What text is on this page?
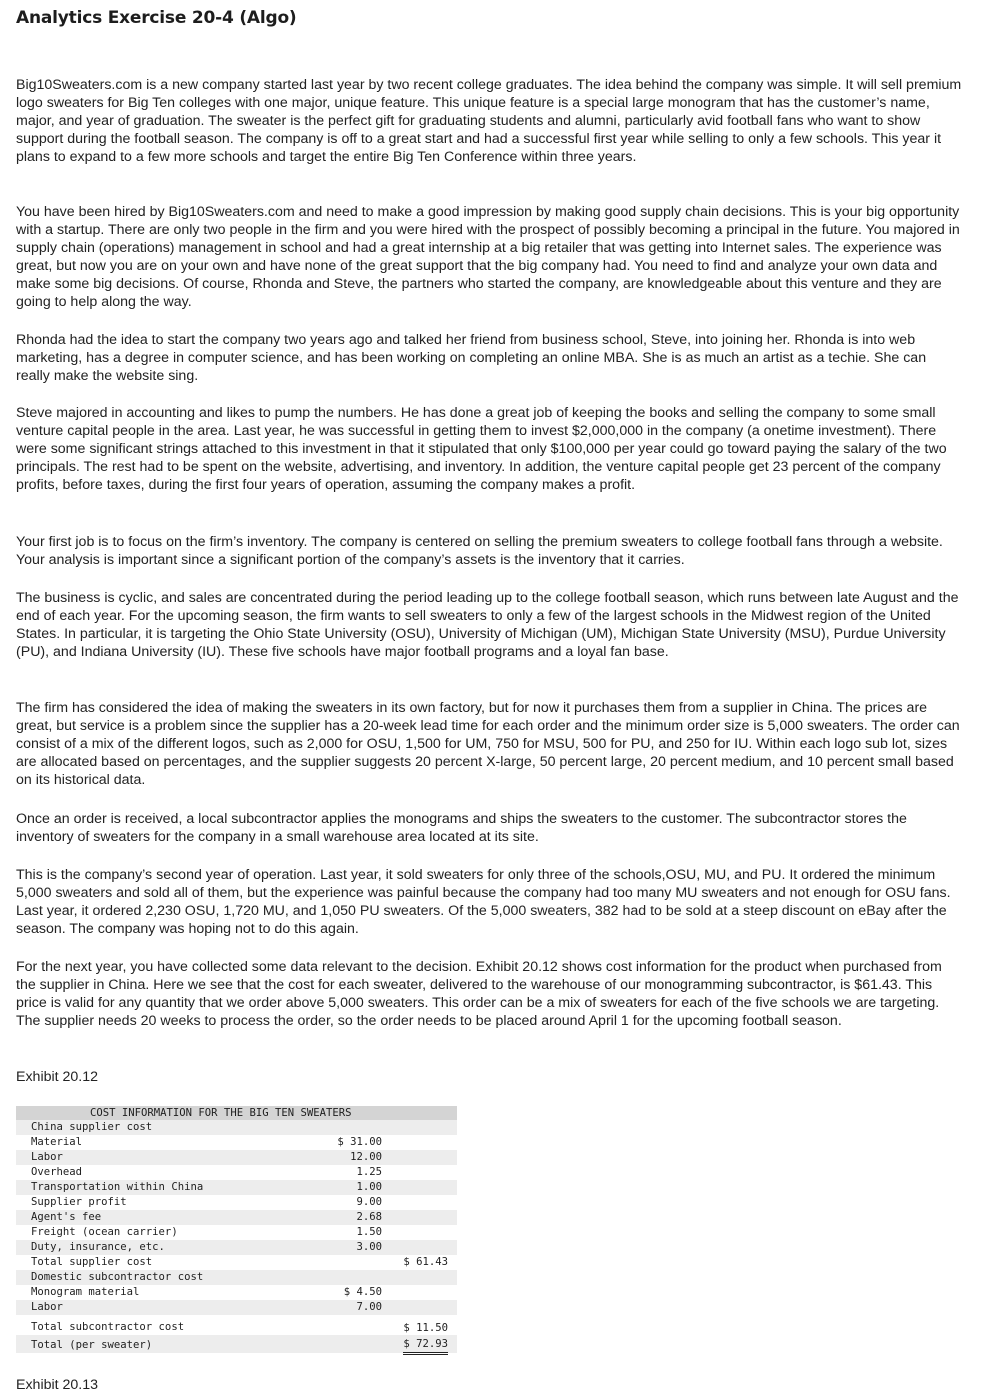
Analytics Exercise 20-4 (Algo)

Big10Sweaters.com is a new company started last year by two recent college graduates. The idea behind the company was simple. It will sell premium logo sweaters for Big Ten colleges with one major, unique feature. This unique feature is a special large monogram that has the customer’s name, major, and year of graduation. The sweater is the perfect gift for graduating students and alumni, particularly avid football fans who want to show support during the football season. The company is off to a great start and had a successful first year while selling to only a few schools. This year it plans to expand to a few more schools and target the entire Big Ten Conference within three years.

You have been hired by Big10Sweaters.com and need to make a good impression by making good supply chain decisions. This is your big opportunity with a startup. There are only two people in the firm and you were hired with the prospect of possibly becoming a principal in the future. You majored in supply chain (operations) management in school and had a great internship at a big retailer that was getting into Internet sales. The experience was great, but now you are on your own and have none of the great support that the big company had. You need to find and analyze your own data and make some big decisions. Of course, Rhonda and Steve, the partners who started the company, are knowledgeable about this venture and they are going to help along the way.

Rhonda had the idea to start the company two years ago and talked her friend from business school, Steve, into joining her. Rhonda is into web marketing, has a degree in computer science, and has been working on completing an online MBA. She is as much an artist as a techie. She can really make the website sing.

Steve majored in accounting and likes to pump the numbers. He has done a great job of keeping the books and selling the company to some small venture capital people in the area. Last year, he was successful in getting them to invest $2,000,000 in the company (a onetime investment). There were some significant strings attached to this investment in that it stipulated that only $100,000 per year could go toward paying the salary of the two principals. The rest had to be spent on the website, advertising, and inventory. In addition, the venture capital people get 23 percent of the company profits, before taxes, during the first four years of operation, assuming the company makes a profit.

Your first job is to focus on the firm’s inventory. The company is centered on selling the premium sweaters to college football fans through a website. Your analysis is important since a significant portion of the company’s assets is the inventory that it carries.

The business is cyclic, and sales are concentrated during the period leading up to the college football season, which runs between late August and the end of each year. For the upcoming season, the firm wants to sell sweaters to only a few of the largest schools in the Midwest region of the United States. In particular, it is targeting the Ohio State University (OSU), University of Michigan (UM), Michigan State University (MSU), Purdue University (PU), and Indiana University (IU). These five schools have major football programs and a loyal fan base.

The firm has considered the idea of making the sweaters in its own factory, but for now it purchases them from a supplier in China. The prices are great, but service is a problem since the supplier has a 20-week lead time for each order and the minimum order size is 5,000 sweaters. The order can consist of a mix of the different logos, such as 2,000 for OSU, 1,500 for UM, 750 for MSU, 500 for PU, and 250 for IU. Within each logo sub lot, sizes are allocated based on percentages, and the supplier suggests 20 percent X-large, 50 percent large, 20 percent medium, and 10 percent small based on its historical data.

Once an order is received, a local subcontractor applies the monograms and ships the sweaters to the customer. The subcontractor stores the inventory of sweaters for the company in a small warehouse area located at its site.

This is the company’s second year of operation. Last year, it sold sweaters for only three of the schools,OSU, MU, and PU. It ordered the minimum 5,000 sweaters and sold all of them, but the experience was painful because the company had too many MU sweaters and not enough for OSU fans. Last year, it ordered 2,230 OSU, 1,720 MU, and 1,050 PU sweaters. Of the 5,000 sweaters, 382 had to be sold at a steep discount on eBay after the season. The company was hoping not to do this again.

For the next year, you have collected some data relevant to the decision. Exhibit 20.12 shows cost information for the product when purchased from the supplier in China. Here we see that the cost for each sweater, delivered to the warehouse of our monogramming subcontractor, is $61.43. This price is valid for any quantity that we order above 5,000 sweaters. This order can be a mix of sweaters for each of the five schools we are targeting. The supplier needs 20 weeks to process the order, so the order needs to be placed around April 1 for the upcoming football season.

Exhibit 20.12
COST INFORMATION FOR THE BIG TEN SWEATERS
China supplier cost
Material	$ 31.00
Labor	12.00
Overhead	1.25
Transportation within China	1.00
Supplier profit	9.00
Agent's fee	2.68
Freight (ocean carrier)	1.50
Duty, insurance, etc.	3.00
Total supplier cost	$ 61.43
Domestic subcontractor cost
Monogram material	$ 4.50
Labor	7.00
Total subcontractor cost	$ 11.50
Total (per sweater)	$ 72.93
Exhibit 20.13
